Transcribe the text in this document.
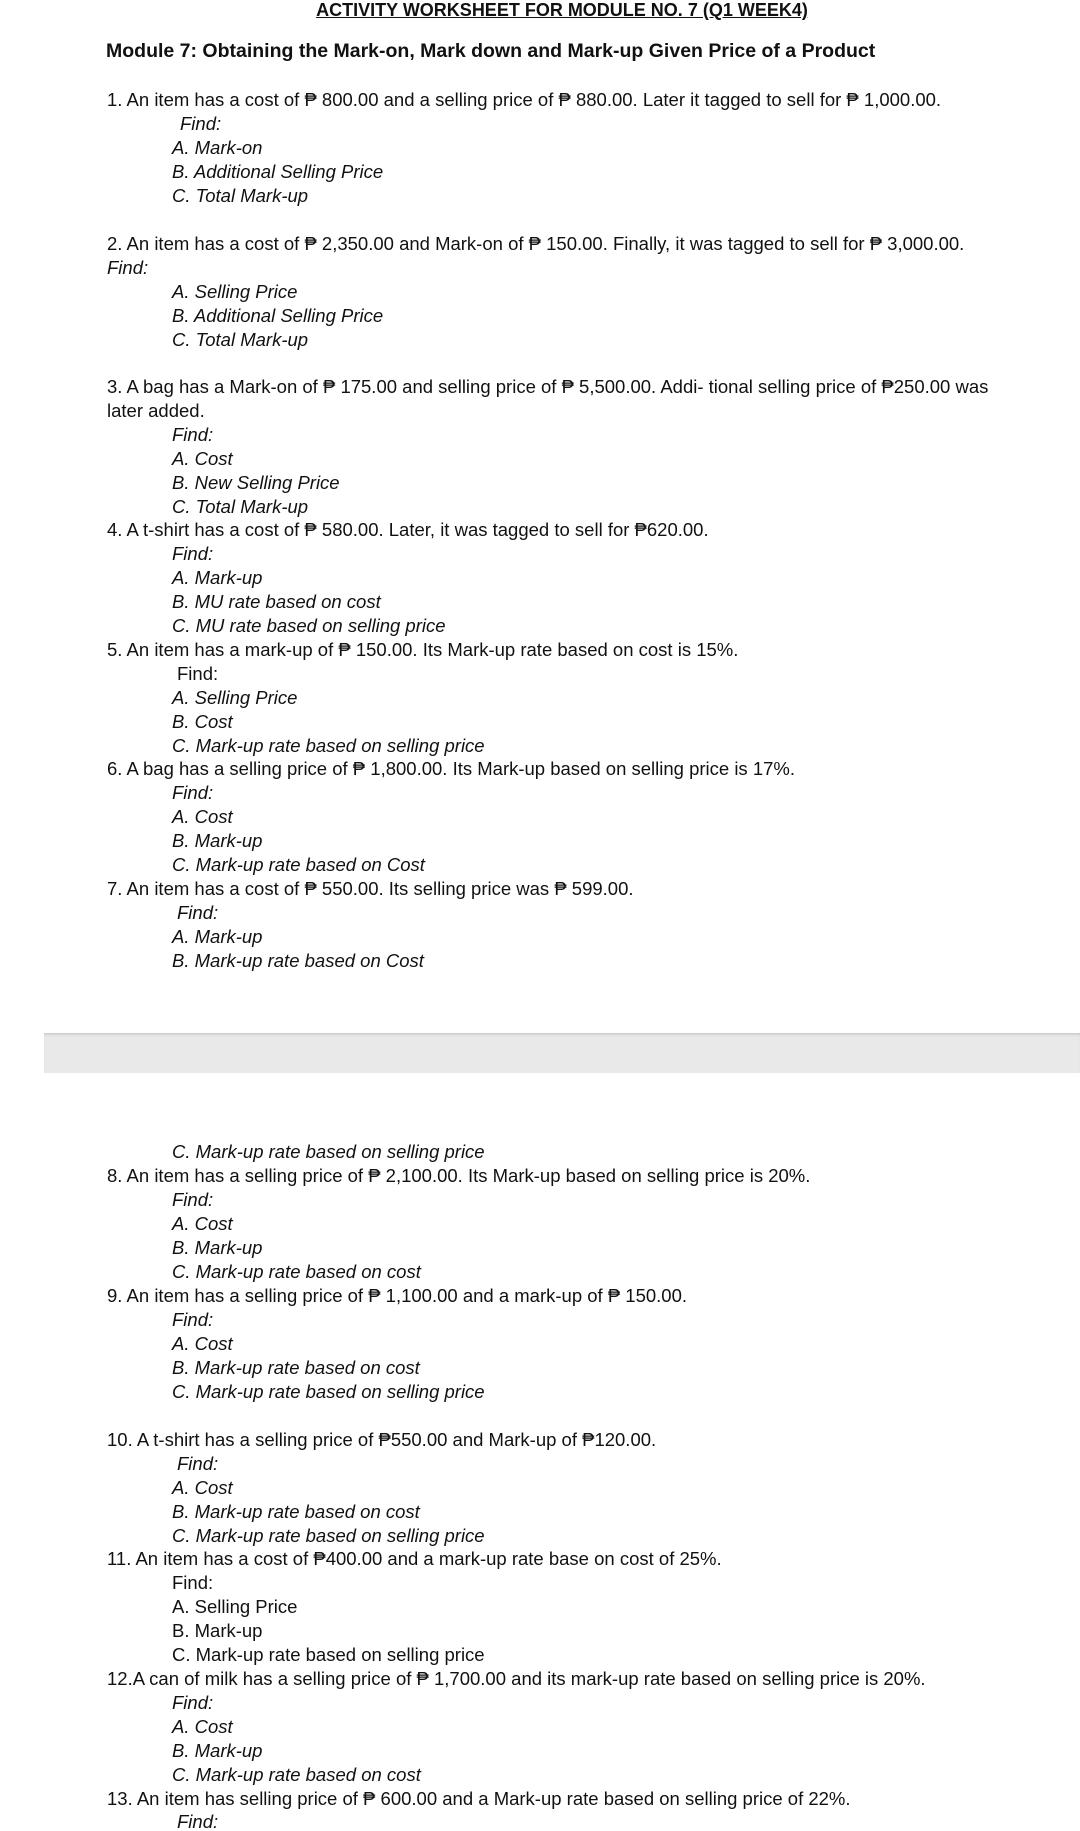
ACTIVITY WORKSHEET FOR MODULE NO. 7 (Q1 WEEK4)
Module 7: Obtaining the Mark-on, Mark down and Mark-up Given Price of a Product
1. An item has a cost of ₱ 800.00 and a selling price of ₱ 880.00. Later it tagged to sell for ₱ 1,000.00.
Find:
A. Mark-on
B. Additional Selling Price
C. Total Mark-up
2. An item has a cost of ₱ 2,350.00 and Mark-on of ₱ 150.00. Finally, it was tagged to sell for ₱ 3,000.00.
Find:
A. Selling Price
B. Additional Selling Price
C. Total Mark-up
3. A bag has a Mark-on of ₱ 175.00 and selling price of ₱ 5,500.00. Addi- tional selling price of ₱250.00 was
later added.
Find:
A. Cost
B. New Selling Price
C. Total Mark-up
4. A t-shirt has a cost of ₱ 580.00. Later, it was tagged to sell for ₱620.00.
Find:
A. Mark-up
B. MU rate based on cost
C. MU rate based on selling price
5. An item has a mark-up of ₱ 150.00. Its Mark-up rate based on cost is 15%.
Find:
A. Selling Price
B. Cost
C. Mark-up rate based on selling price
6. A bag has a selling price of ₱ 1,800.00. Its Mark-up based on selling price is 17%.
Find:
A. Cost
B. Mark-up
C. Mark-up rate based on Cost
7. An item has a cost of ₱ 550.00. Its selling price was ₱ 599.00.
Find:
A. Mark-up
B. Mark-up rate based on Cost
C. Mark-up rate based on selling price
8. An item has a selling price of ₱ 2,100.00. Its Mark-up based on selling price is 20%.
Find:
A. Cost
B. Mark-up
C. Mark-up rate based on cost
9. An item has a selling price of ₱ 1,100.00 and a mark-up of ₱ 150.00.
Find:
A. Cost
B. Mark-up rate based on cost
C. Mark-up rate based on selling price
10. A t-shirt has a selling price of ₱550.00 and Mark-up of ₱120.00.
Find:
A. Cost
B. Mark-up rate based on cost
C. Mark-up rate based on selling price
11. An item has a cost of ₱400.00 and a mark-up rate base on cost of 25%.
Find:
A. Selling Price
B. Mark-up
C. Mark-up rate based on selling price
12.A can of milk has a selling price of ₱ 1,700.00 and its mark-up rate based on selling price is 20%.
Find:
A. Cost
B. Mark-up
C. Mark-up rate based on cost
13. An item has selling price of ₱ 600.00 and a Mark-up rate based on selling price of 22%.
Find:
